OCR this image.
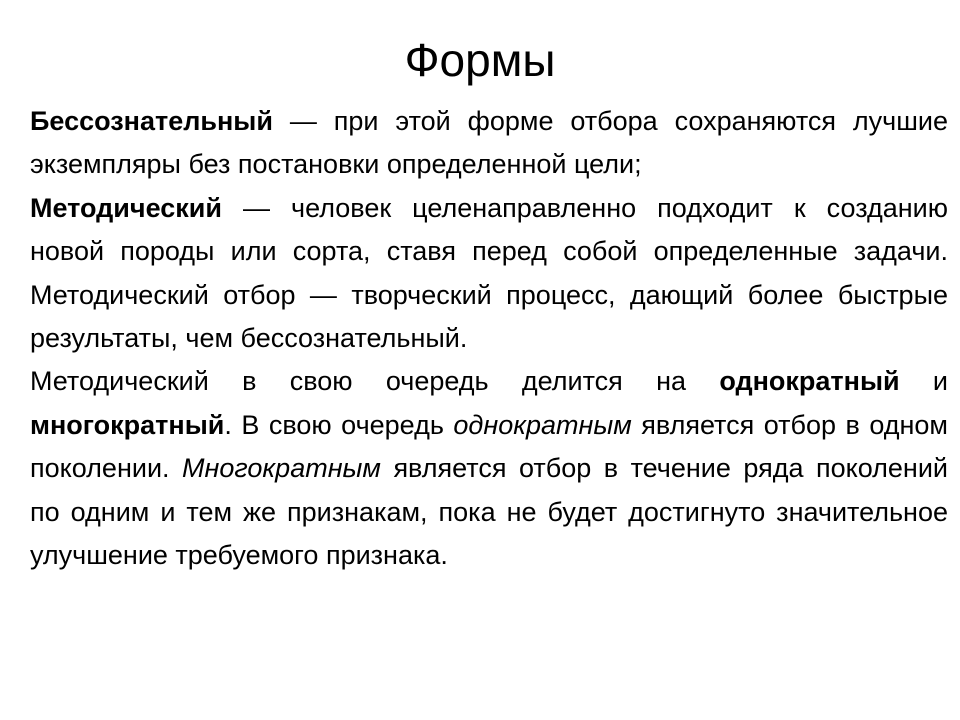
Формы

Бессознательный — при этой форме отбора сохраняются лучшие экземпляры без постановки определенной цели;

Методический — человек целенаправленно подходит к созданию новой породы или сорта, ставя перед собой определенные задачи. Методический отбор — творческий процесс, дающий более быстрые результаты, чем бессознательный.

Методический в свою очередь делится на однократный и многократный. В свою очередь однократным является отбор в одном поколении. Многократным является отбор в течение ряда поколений по одним и тем же признакам, пока не будет достигнуто значительное улучшение требуемого признака.
